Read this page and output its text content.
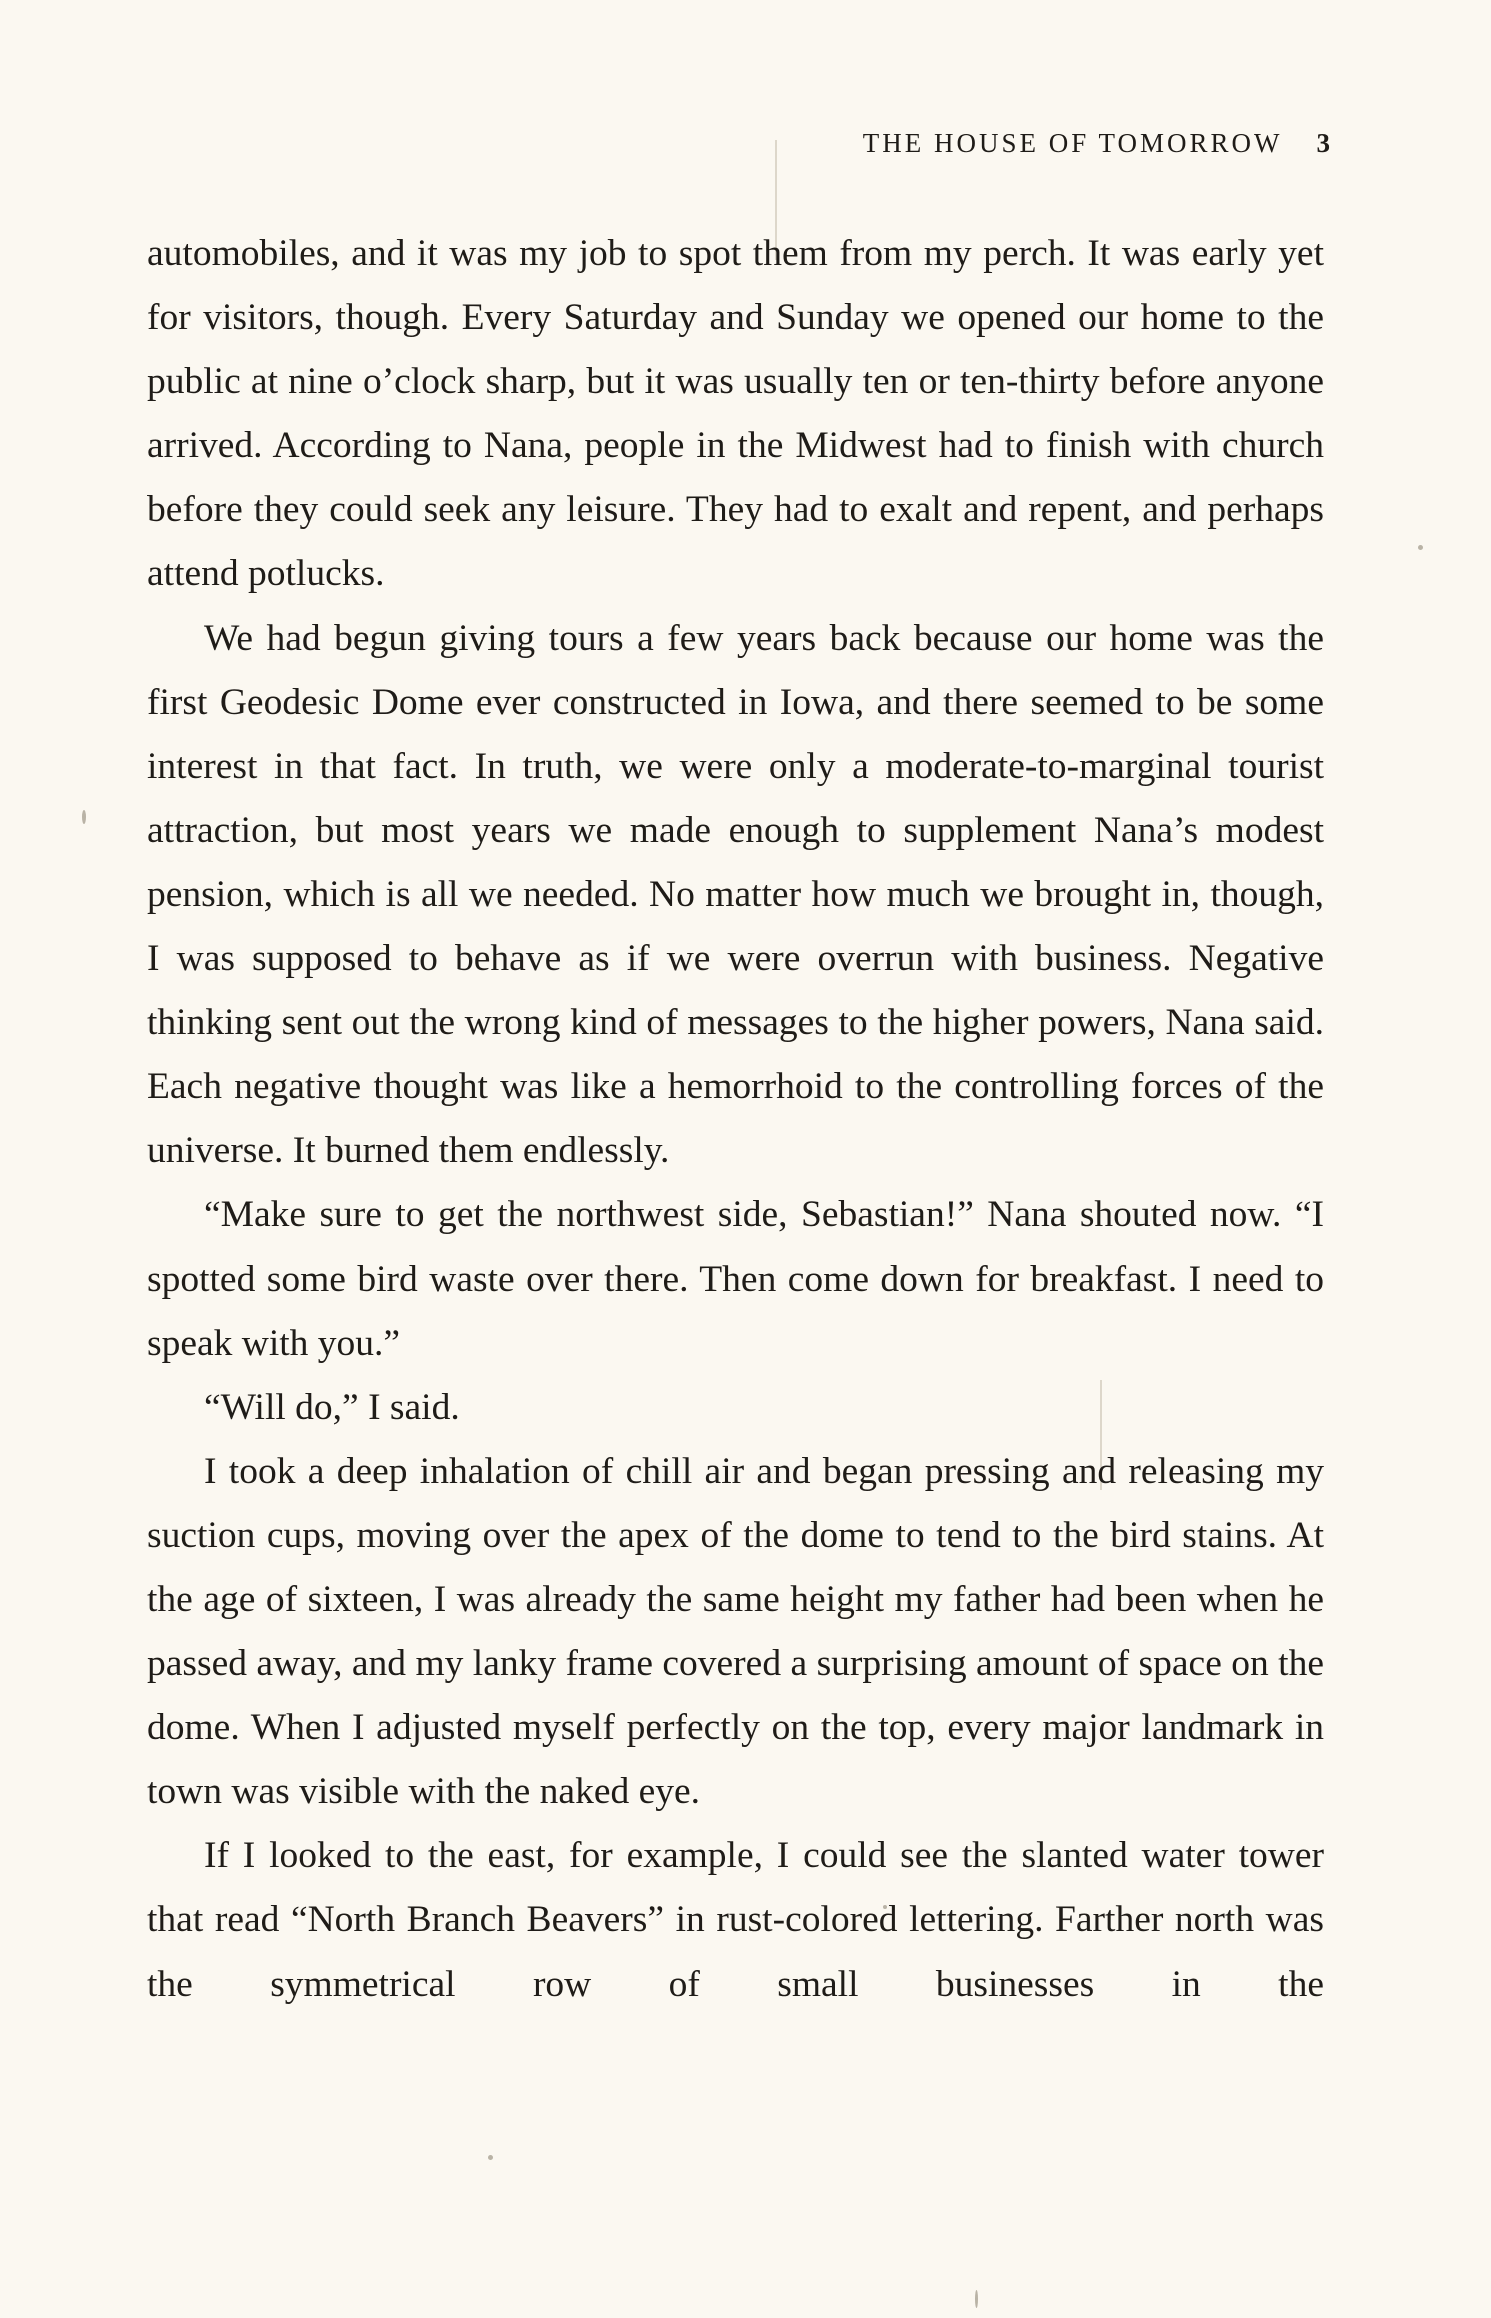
THE HOUSE OF TOMORROW 3

automobiles, and it was my job to spot them from my perch. It was early yet for visitors, though. Every Saturday and Sunday we opened our home to the public at nine o’clock sharp, but it was usually ten or ten-thirty before anyone arrived. According to Nana, people in the Midwest had to finish with church before they could seek any leisure. They had to exalt and repent, and perhaps attend potlucks.

We had begun giving tours a few years back because our home was the first Geodesic Dome ever constructed in Iowa, and there seemed to be some interest in that fact. In truth, we were only a moderate-to-marginal tourist attraction, but most years we made enough to supplement Nana’s modest pension, which is all we needed. No matter how much we brought in, though, I was supposed to behave as if we were overrun with business. Negative thinking sent out the wrong kind of messages to the higher powers, Nana said. Each negative thought was like a hemorrhoid to the controlling forces of the universe. It burned them endlessly.

“Make sure to get the northwest side, Sebastian!” Nana shouted now. “I spotted some bird waste over there. Then come down for breakfast. I need to speak with you.”

“Will do,” I said.

I took a deep inhalation of chill air and began pressing and releasing my suction cups, moving over the apex of the dome to tend to the bird stains. At the age of sixteen, I was already the same height my father had been when he passed away, and my lanky frame covered a surprising amount of space on the dome. When I adjusted myself perfectly on the top, every major landmark in town was visible with the naked eye.

If I looked to the east, for example, I could see the slanted water tower that read “North Branch Beavers” in rust-colored lettering. Farther north was the symmetrical row of small businesses in the
